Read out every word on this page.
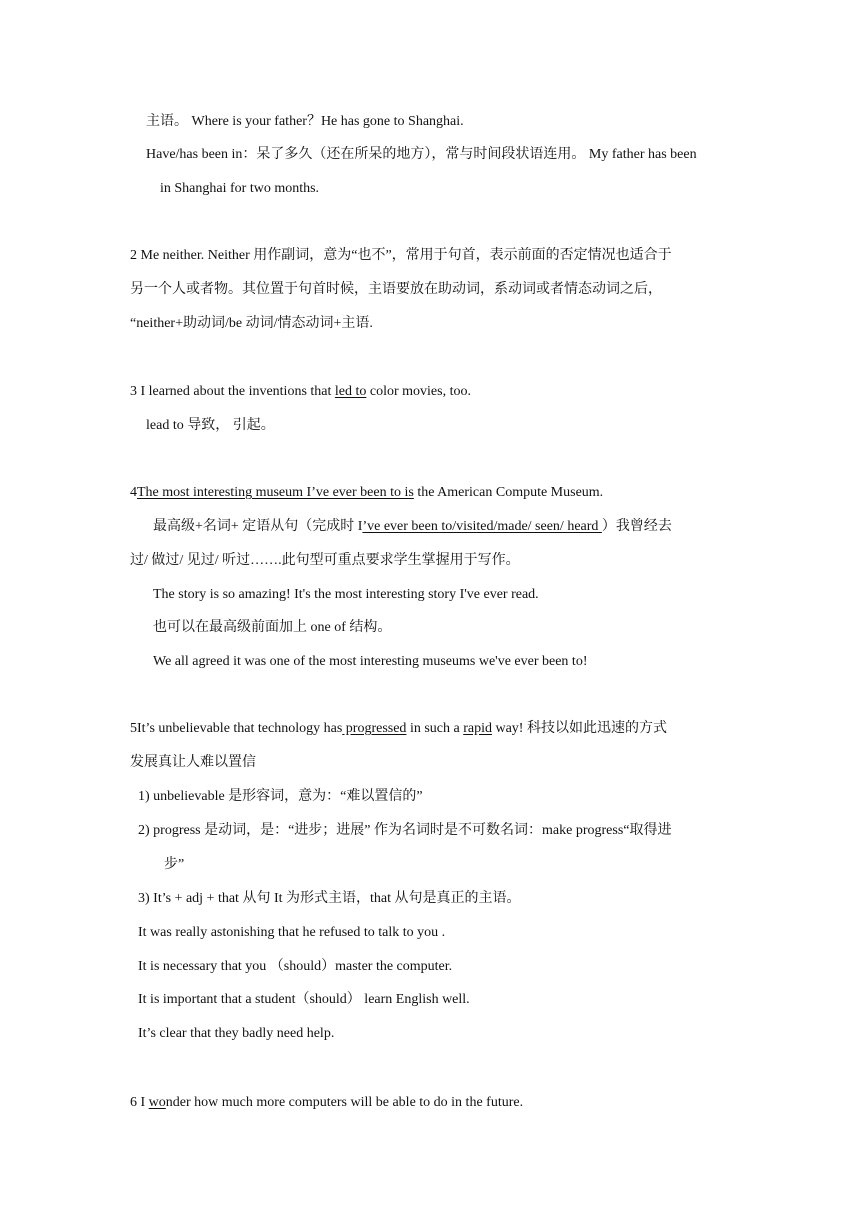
主语。 Where is your father？He has gone to Shanghai.
Have/has been in：呆了多久（还在所呆的地方），常与时间段状语连用。 My father has been
in Shanghai for two months.
2 Me neither. Neither 用作副词，意为“也不”，常用于句首，表示前面的否定情况也适合于
另一个人或者物。其位置于句首时候，主语要放在助动词，系动词或者情态动词之后，
“neither+助动词/be 动词/情态动词+主语.
3 I learned about the inventions that led to color movies, too.
lead to 导致， 引起。
4The most interesting museum I’ve ever been to is the American Compute Museum.
最高级+名词+ 定语从句（完成时 I’ve ever been to/visited/made/ seen/ heard ）我曾经去
过/ 做过/ 见过/ 听过…….此句型可重点要求学生掌握用于写作。
The story is so amazing! It's the most interesting story I've ever read.
也可以在最高级前面加上 one of 结构。
We all agreed it was one of the most interesting museums we've ever been to!
5It’s unbelievable that technology has progressed in such a rapid way! 科技以如此迅速的方式
发展真让人难以置信
1) unbelievable 是形容词，意为：“难以置信的”
2) progress 是动词，是：“进步；进展” 作为名词时是不可数名词：make progress“取得进
步”
3) It’s + adj + that 从句 It 为形式主语，that 从句是真正的主语。
It was really astonishing that he refused to talk to you .
It is necessary that you （should）master the computer.
It is important that a student（should） learn English well.
It’s clear that they badly need help.
6 I wonder how much more computers will be able to do in the future.
